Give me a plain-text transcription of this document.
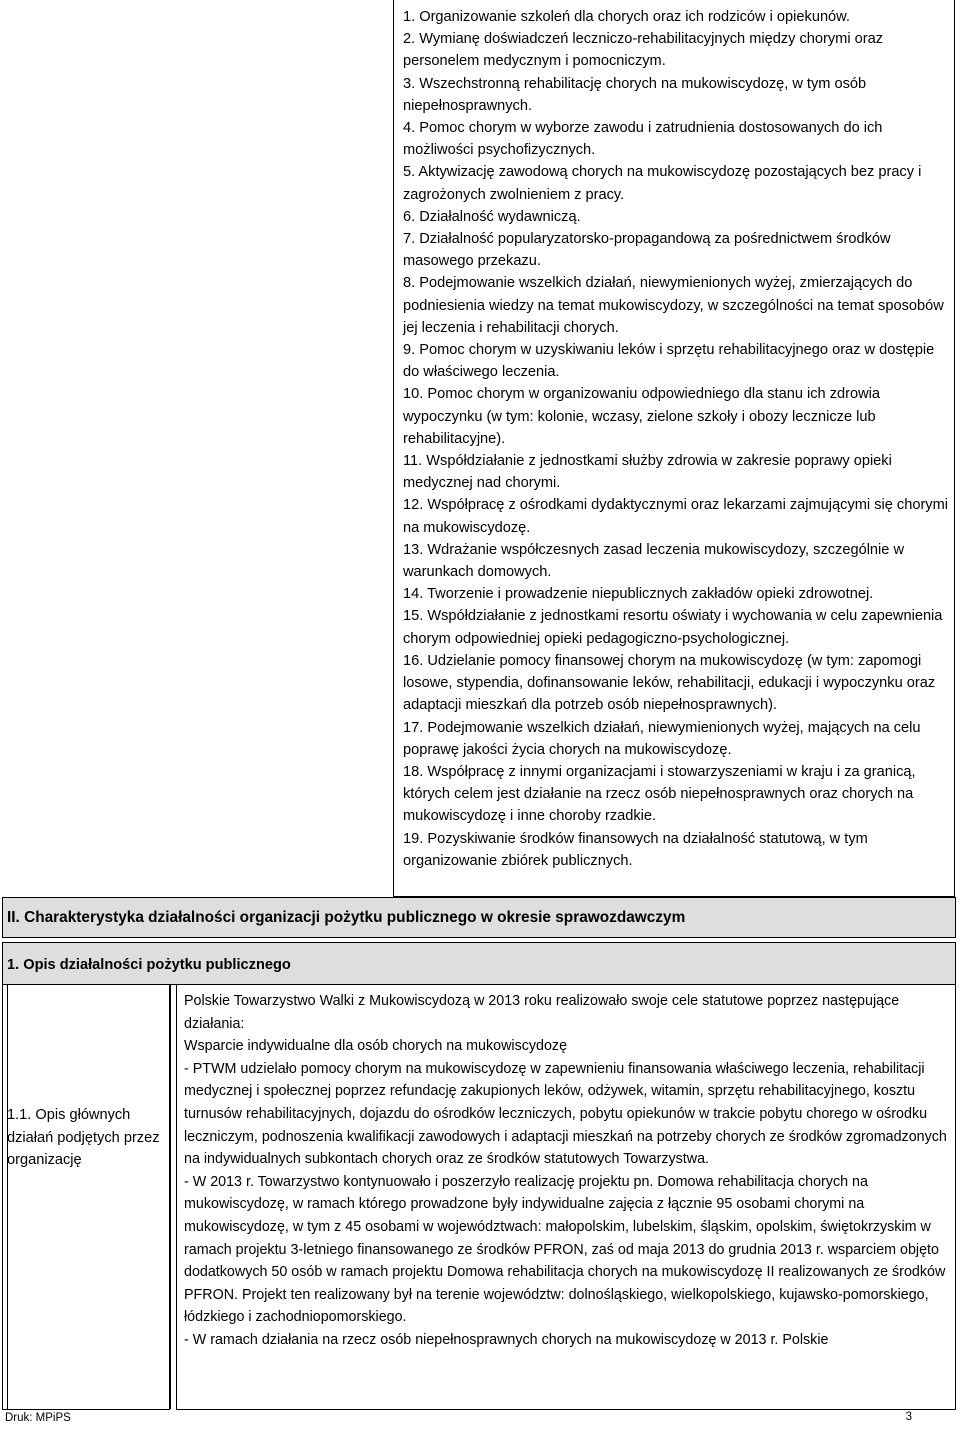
1. Organizowanie szkoleń dla chorych oraz ich rodziców i opiekunów.
2. Wymianę doświadczeń leczniczo-rehabilitacyjnych między chorymi oraz personelem medycznym i pomocniczym.
3. Wszechstronną rehabilitację chorych na mukowiscydozę, w tym osób niepełnosprawnych.
4. Pomoc chorym w wyborze zawodu i zatrudnienia dostosowanych do ich możliwości psychofizycznych.
5. Aktywizację zawodową chorych na mukowiscydozę pozostających bez pracy i zagrożonych zwolnieniem z pracy.
6. Działalność wydawniczą.
7. Działalność popularyzatorsko-propagandową za pośrednictwem środków masowego przekazu.
8. Podejmowanie wszelkich działań, niewymienionych wyżej, zmierzających do podniesienia wiedzy na temat mukowiscydozy, w szczególności na temat sposobów jej leczenia i rehabilitacji chorych.
9. Pomoc chorym w uzyskiwaniu leków i sprzętu rehabilitacyjnego oraz w dostępie do właściwego leczenia.
10. Pomoc chorym w organizowaniu odpowiedniego dla stanu ich zdrowia wypoczynku (w tym: kolonie, wczasy, zielone szkoły i obozy lecznicze lub rehabilitacyjne).
11. Współdziałanie z jednostkami służby zdrowia w zakresie poprawy opieki medycznej nad chorymi.
12. Współpracę z ośrodkami dydaktycznymi oraz lekarzami zajmującymi się chorymi na mukowiscydozę.
13. Wdrażanie współczesnych zasad leczenia mukowiscydozy, szczególnie w warunkach domowych.
14. Tworzenie i prowadzenie niepublicznych zakładów opieki zdrowotnej.
15. Współdziałanie z jednostkami resortu oświaty i wychowania w celu zapewnienia chorym odpowiedniej opieki pedagogiczno-psychologicznej.
16. Udzielanie pomocy finansowej chorym na mukowiscydozę (w tym: zapomogi losowe, stypendia, dofinansowanie leków, rehabilitacji, edukacji i wypoczynku oraz adaptacji mieszkań dla potrzeb osób niepełnosprawnych).
17. Podejmowanie wszelkich działań, niewymienionych wyżej, mających na celu poprawę jakości życia chorych na mukowiscydozę.
18. Współpracę z innymi organizacjami i stowarzyszeniami w kraju i za granicą, których celem jest działanie na rzecz osób niepełnosprawnych oraz chorych na mukowiscydozę i inne choroby rzadkie.
19. Pozyskiwanie środków finansowych na działalność statutową, w tym organizowanie zbiórek publicznych.
II. Charakterystyka działalności organizacji pożytku publicznego w okresie sprawozdawczym
1. Opis działalności pożytku publicznego
1.1. Opis głównych działań podjętych przez organizację

Polskie Towarzystwo Walki z Mukowiscydozą w 2013 roku realizowało swoje cele statutowe poprzez następujące działania:

Wsparcie indywidualne dla osób chorych na mukowiscydozę

- PTWM udzielało pomocy chorym na mukowiscydozę w zapewnieniu finansowania właściwego leczenia, rehabilitacji medycznej i społecznej poprzez refundację zakupionych leków, odżywek, witamin, sprzętu rehabilitacyjnego, kosztu turnusów rehabilitacyjnych, dojazdu do ośrodków leczniczych, pobytu opiekunów w trakcie pobytu chorego w ośrodku leczniczym, podnoszenia kwalifikacji zawodowych i adaptacji mieszkań na potrzeby chorych ze środków zgromadzonych na indywidualnych subkontach chorych oraz ze środków statutowych Towarzystwa.

- W 2013 r. Towarzystwo kontynuowało i poszerzyło realizację projektu pn. Domowa rehabilitacja chorych na mukowiscydozę, w ramach którego prowadzone były indywidualne zajęcia z łącznie 95 osobami chorymi na mukowiscydozę, w tym z 45 osobami w województwach: małopolskim, lubelskim, śląskim, opolskim, świętokrzyskim w ramach projektu 3-letniego finansowanego ze środków PFRON, zaś od maja 2013 do grudnia 2013 r. wsparciem objęto dodatkowych 50 osób w ramach projektu Domowa rehabilitacja chorych na mukowiscydozę II realizowanych ze środków PFRON. Projekt ten realizowany był na terenie województw: dolnośląskiego, wielkopolskiego, kujawsko-pomorskiego, łódzkiego i zachodniopomorskiego.

- W ramach działania na rzecz osób niepełnosprawnych chorych na mukowiscydozę w 2013 r. Polskie

Druk: MPiPS	3
